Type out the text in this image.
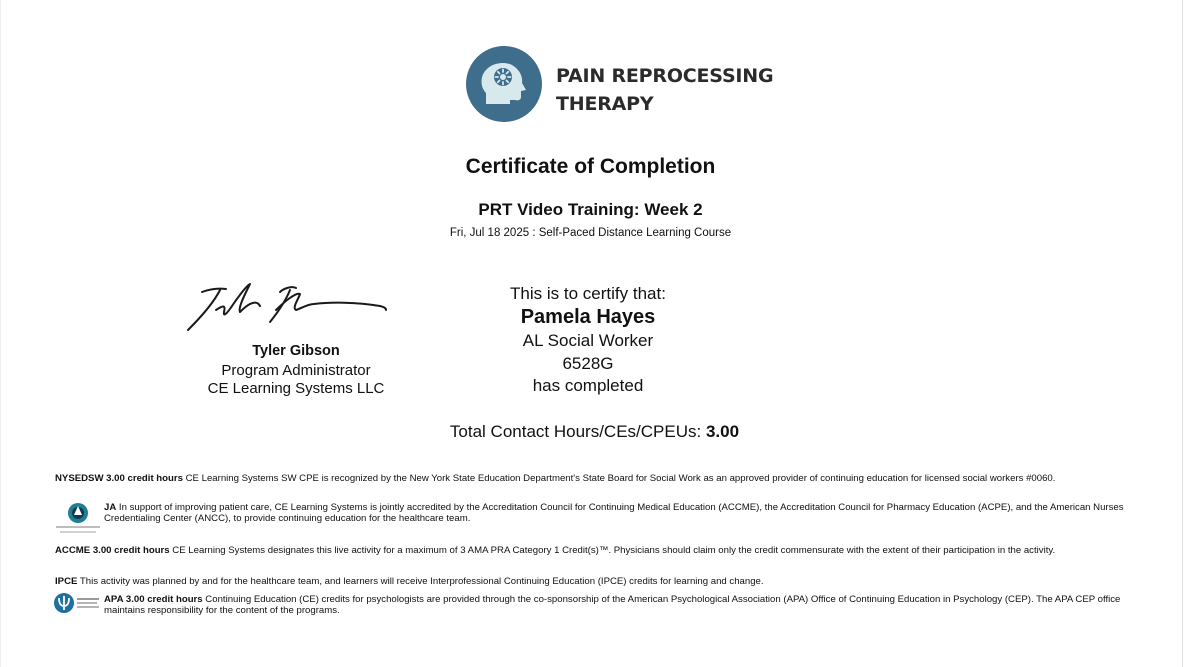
PAIN REPROCESSING
THERAPY
Certificate of Completion
PRT Video Training: Week 2
Fri, Jul 18 2025 : Self-Paced Distance Learning Course
Tyler Gibson
Program Administrator
CE Learning Systems LLC
This is to certify that:
Pamela Hayes
AL Social Worker
6528G
has completed
Total Contact Hours/CEs/CPEUs: 3.00
NYSEDSW 3.00 credit hours CE Learning Systems SW CPE is recognized by the New York State Education Department's State Board for Social Work as an approved provider of continuing education for licensed social workers #0060.
JA In support of improving patient care, CE Learning Systems is jointly accredited by the Accreditation Council for Continuing Medical Education (ACCME), the Accreditation Council for Pharmacy Education (ACPE), and the American Nurses Credentialing Center (ANCC), to provide continuing education for the healthcare team.
ACCME 3.00 credit hours CE Learning Systems designates this live activity for a maximum of 3 AMA PRA Category 1 Credit(s)™. Physicians should claim only the credit commensurate with the extent of their participation in the activity.
IPCE This activity was planned by and for the healthcare team, and learners will receive Interprofessional Continuing Education (IPCE) credits for learning and change.
APA 3.00 credit hours Continuing Education (CE) credits for psychologists are provided through the co-sponsorship of the American Psychological Association (APA) Office of Continuing Education in Psychology (CEP). The APA CEP office maintains responsibility for the content of the programs.
